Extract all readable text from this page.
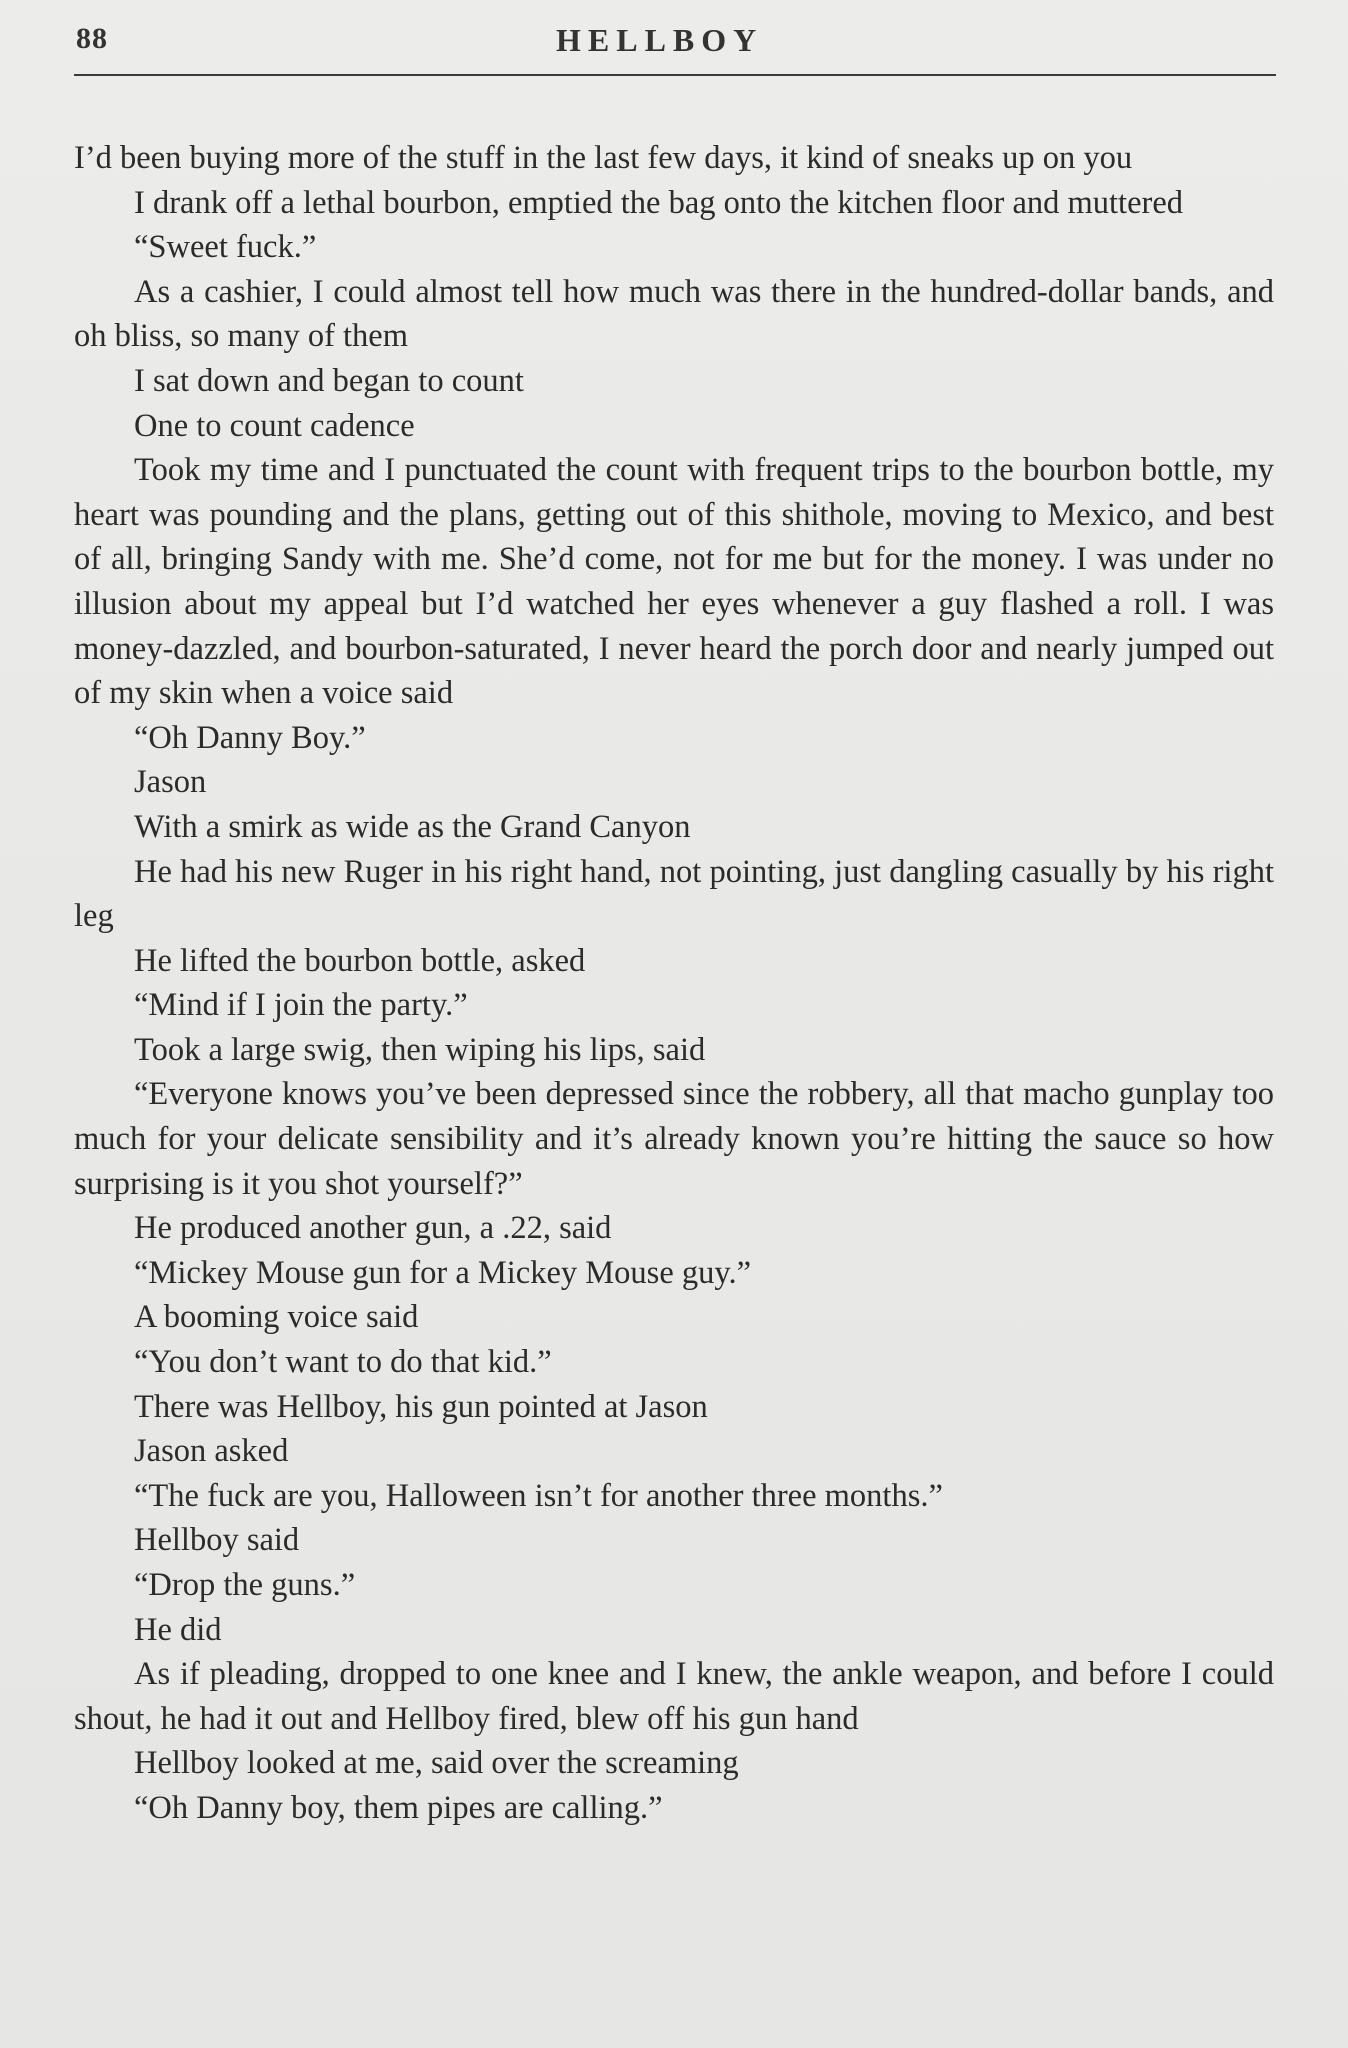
88	HELLBOY

I’d been buying more of the stuff in the last few days, it kind of sneaks up on you

I drank off a lethal bourbon, emptied the bag onto the kitchen floor and muttered

“Sweet fuck.”

As a cashier, I could almost tell how much was there in the hundred-dollar bands, and oh bliss, so many of them

I sat down and began to count

One to count cadence

Took my time and I punctuated the count with frequent trips to the bourbon bottle, my heart was pounding and the plans, getting out of this shithole, moving to Mexico, and best of all, bringing Sandy with me. She’d come, not for me but for the money. I was under no illusion about my appeal but I’d watched her eyes whenever a guy flashed a roll. I was money-dazzled, and bourbon-saturated, I never heard the porch door and nearly jumped out of my skin when a voice said

“Oh Danny Boy.”

Jason

With a smirk as wide as the Grand Canyon

He had his new Ruger in his right hand, not pointing, just dangling casually by his right leg

He lifted the bourbon bottle, asked

“Mind if I join the party.”

Took a large swig, then wiping his lips, said

“Everyone knows you’ve been depressed since the robbery, all that macho gunplay too much for your delicate sensibility and it’s already known you’re hitting the sauce so how surprising is it you shot yourself?”

He produced another gun, a .22, said

“Mickey Mouse gun for a Mickey Mouse guy.”

A booming voice said

“You don’t want to do that kid.”

There was Hellboy, his gun pointed at Jason

Jason asked

“The fuck are you, Halloween isn’t for another three months.”

Hellboy said

“Drop the guns.”

He did

As if pleading, dropped to one knee and I knew, the ankle weapon, and before I could shout, he had it out and Hellboy fired, blew off his gun hand

Hellboy looked at me, said over the screaming

“Oh Danny boy, them pipes are calling.”
